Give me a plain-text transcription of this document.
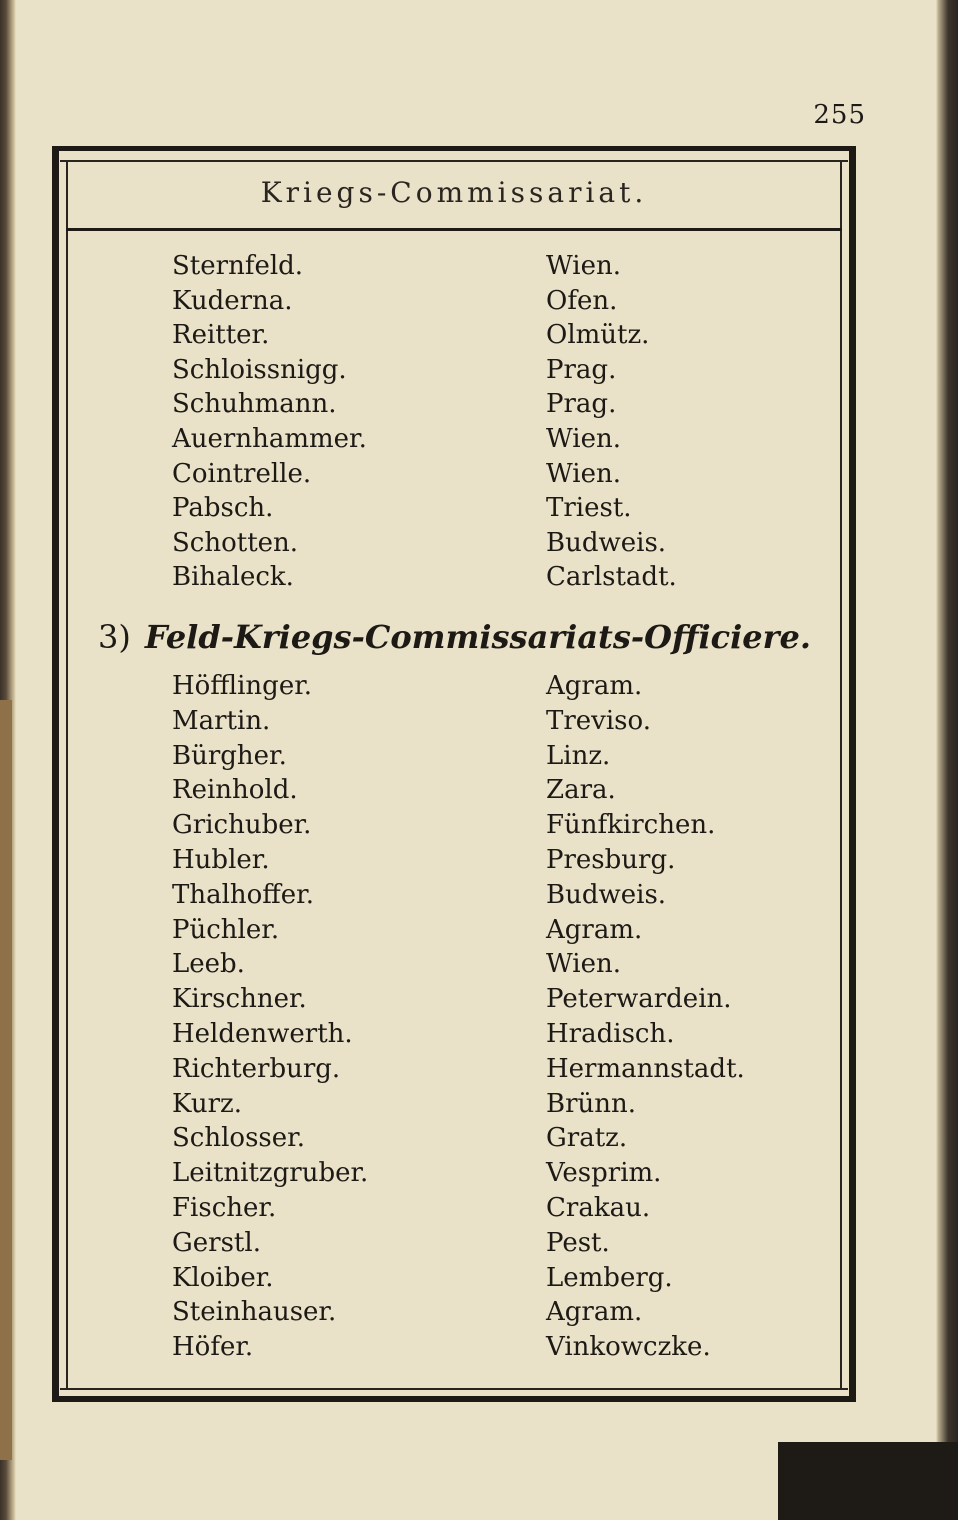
255
Kriegs-Commissariat.
Sternfeld.	Wien.
Kuderna.	Ofen.
Reitter.	Olmütz.
Schloissnigg.	Prag.
Schuhmann.	Prag.
Auernhammer.	Wien.
Cointrelle.	Wien.
Pabsch.	Triest.
Schotten.	Budweis.
Bihaleck.	Carlstadt.
3) Feld-Kriegs-Commissariats-Officiere.
Höfflinger.	Agram.
Martin.	Treviso.
Bürgher.	Linz.
Reinhold.	Zara.
Grichuber.	Fünfkirchen.
Hubler.	Presburg.
Thalhoffer.	Budweis.
Püchler.	Agram.
Leeb.	Wien.
Kirschner.	Peterwardein.
Heldenwerth.	Hradisch.
Richterburg.	Hermannstadt.
Kurz.	Brünn.
Schlosser.	Gratz.
Leitnitzgruber.	Vesprim.
Fischer.	Crakau.
Gerstl.	Pest.
Kloiber.	Lemberg.
Steinhauser.	Agram.
Höfer.	Vinkowczke.
